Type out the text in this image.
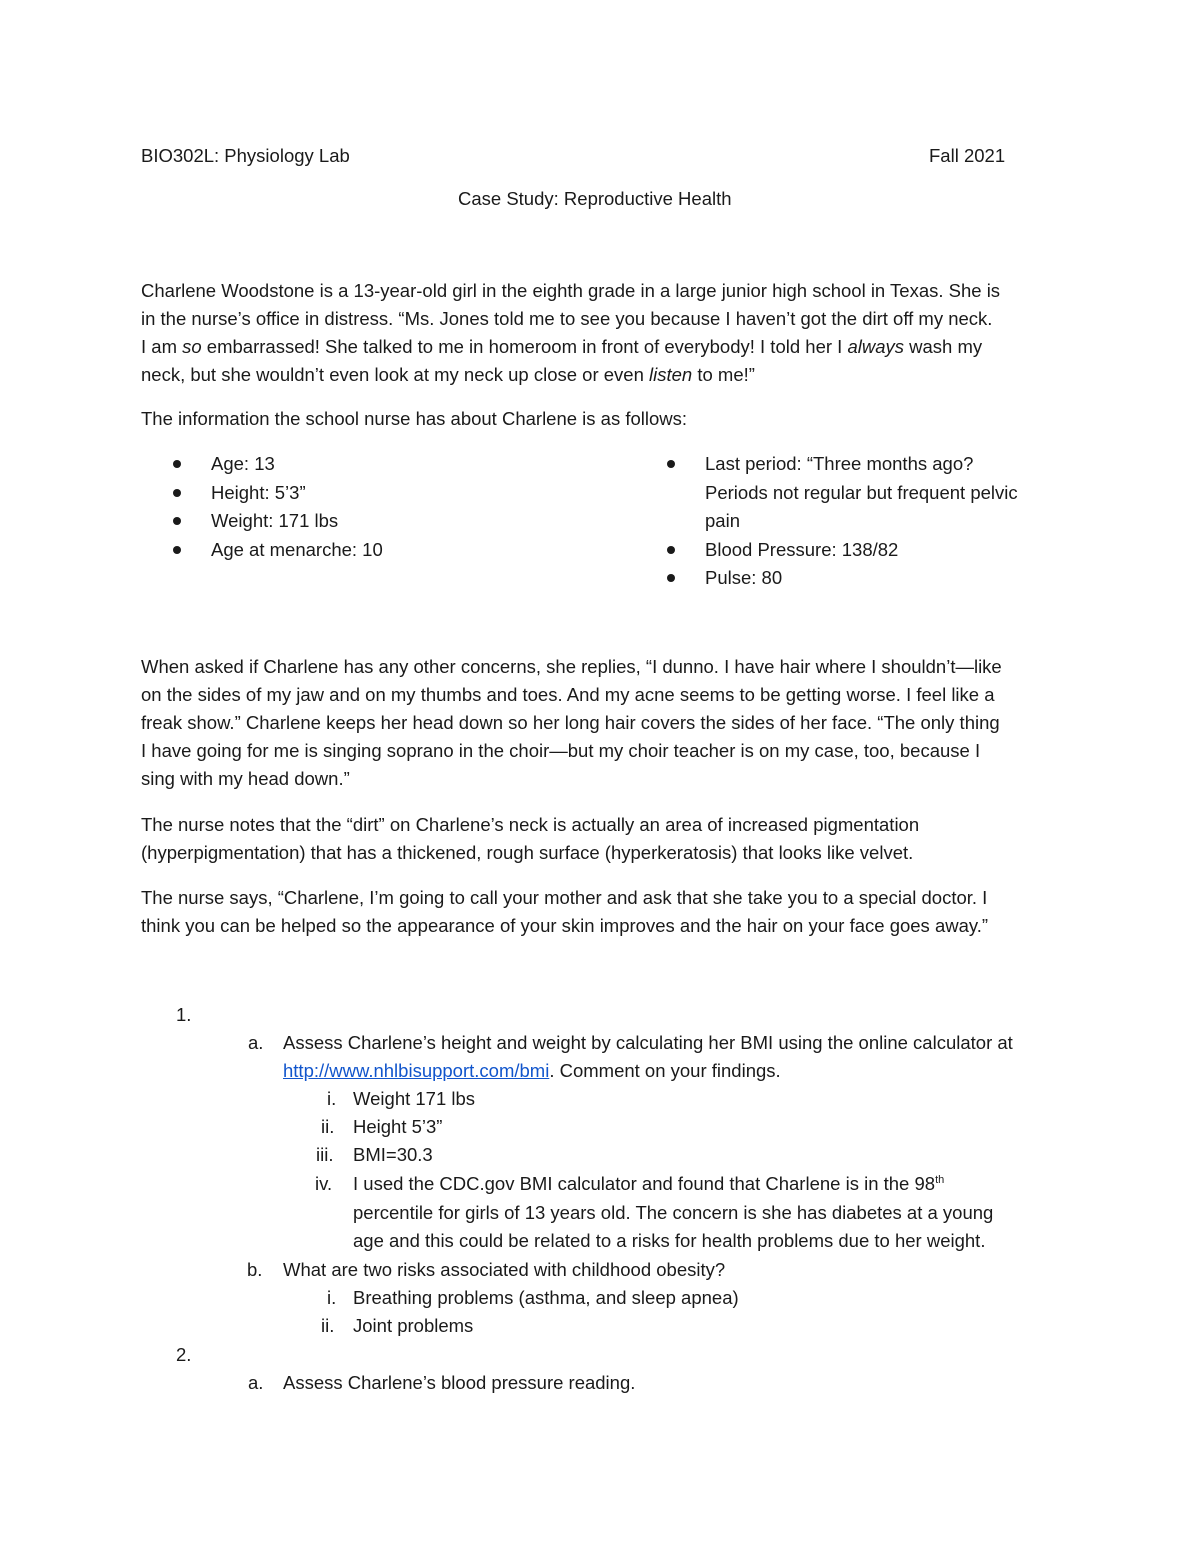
BIO302L: Physiology Lab	Fall 2021
Case Study: Reproductive Health
Charlene Woodstone is a 13-year-old girl in the eighth grade in a large junior high school in Texas. She is
in the nurse’s office in distress. “Ms. Jones told me to see you because I haven’t got the dirt off my neck.
I am so embarrassed! She talked to me in homeroom in front of everybody! I told her I always wash my
neck, but she wouldn’t even look at my neck up close or even listen to me!”
The information the school nurse has about Charlene is as follows:
Age: 13
Height: 5’3”
Weight: 171 lbs
Age at menarche: 10
Last period: “Three months ago?
Periods not regular but frequent pelvic
pain
Blood Pressure: 138/82
Pulse: 80
When asked if Charlene has any other concerns, she replies, “I dunno. I have hair where I shouldn’t—like
on the sides of my jaw and on my thumbs and toes. And my acne seems to be getting worse. I feel like a
freak show.” Charlene keeps her head down so her long hair covers the sides of her face. “The only thing
I have going for me is singing soprano in the choir—but my choir teacher is on my case, too, because I
sing with my head down.”
The nurse notes that the “dirt” on Charlene’s neck is actually an area of increased pigmentation
(hyperpigmentation) that has a thickened, rough surface (hyperkeratosis) that looks like velvet.
The nurse says, “Charlene, I’m going to call your mother and ask that she take you to a special doctor. I
think you can be helped so the appearance of your skin improves and the hair on your face goes away.”
1.
a. Assess Charlene’s height and weight by calculating her BMI using the online calculator at
http://www.nhlbisupport.com/bmi. Comment on your findings.
i. Weight 171 lbs
ii. Height 5’3”
iii. BMI=30.3
iv. I used the CDC.gov BMI calculator and found that Charlene is in the 98th
percentile for girls of 13 years old. The concern is she has diabetes at a young
age and this could be related to a risks for health problems due to her weight.
b. What are two risks associated with childhood obesity?
i. Breathing problems (asthma, and sleep apnea)
ii. Joint problems
2.
a. Assess Charlene’s blood pressure reading.
